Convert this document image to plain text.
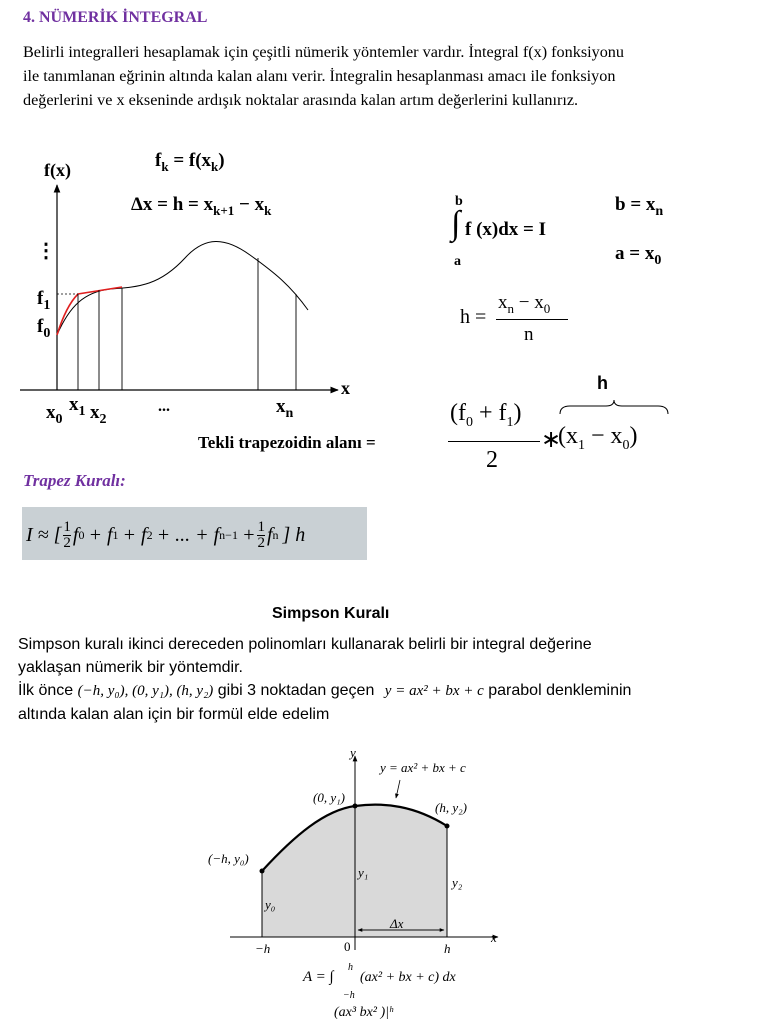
4. NÜMERİK İNTEGRAL
Belirli integralleri hesaplamak için çeşitli nümerik yöntemler vardır. İntegral f(x) fonksiyonu
ile tanımlanan eğrinin altında kalan alanı verir. İntegralin hesaplanması amacı ile fonksiyon
değerlerini ve x ekseninde ardışık noktalar arasında kalan artım değerlerini kullanırız.
f(x)
x
⋮
$f_1$
$f_0$
$x_0$
$x_1$ $x_2$
...	$x_n$
$f_k = f(x_k)$
$\Delta x = h = x_{k+1} - x_k$
b
∫ f (x)dx = I
a
$b = x_n$
$a = x_0$
h =
$x_n - x_0$
n
Tekli trapezoidin alanı =
h
$(f_0 + f_1)$
2
∗
$(x_1 - x_0)$
Trapez Kuralı:
I ≈ [ 1
2 f 0 + f 1 + f 2 + ... + f $n-1 + \frac{1}{2}$ f n ] h
Simpson Kuralı
Simpson kuralı ikinci dereceden polinomları kullanarak belirli bir integral değerine
yaklaşan nümerik bir yöntemdir.
İlk önce (−h, y₀), (0, y₁), (h, y₂) gibi 3 noktadan geçen y = ax² + bx + c parabol denkleminin
altında kalan alan için bir formül elde edelim
y
x
y = ax² + bx + c
(−h, y₀)
(0, y₁)
(h, y₂)
y₀
y₁
y₂
Δx
−h	0	h
A = ∫
h
−h
(ax² + bx + c) dx
(ax³ bx² )|ʰ
